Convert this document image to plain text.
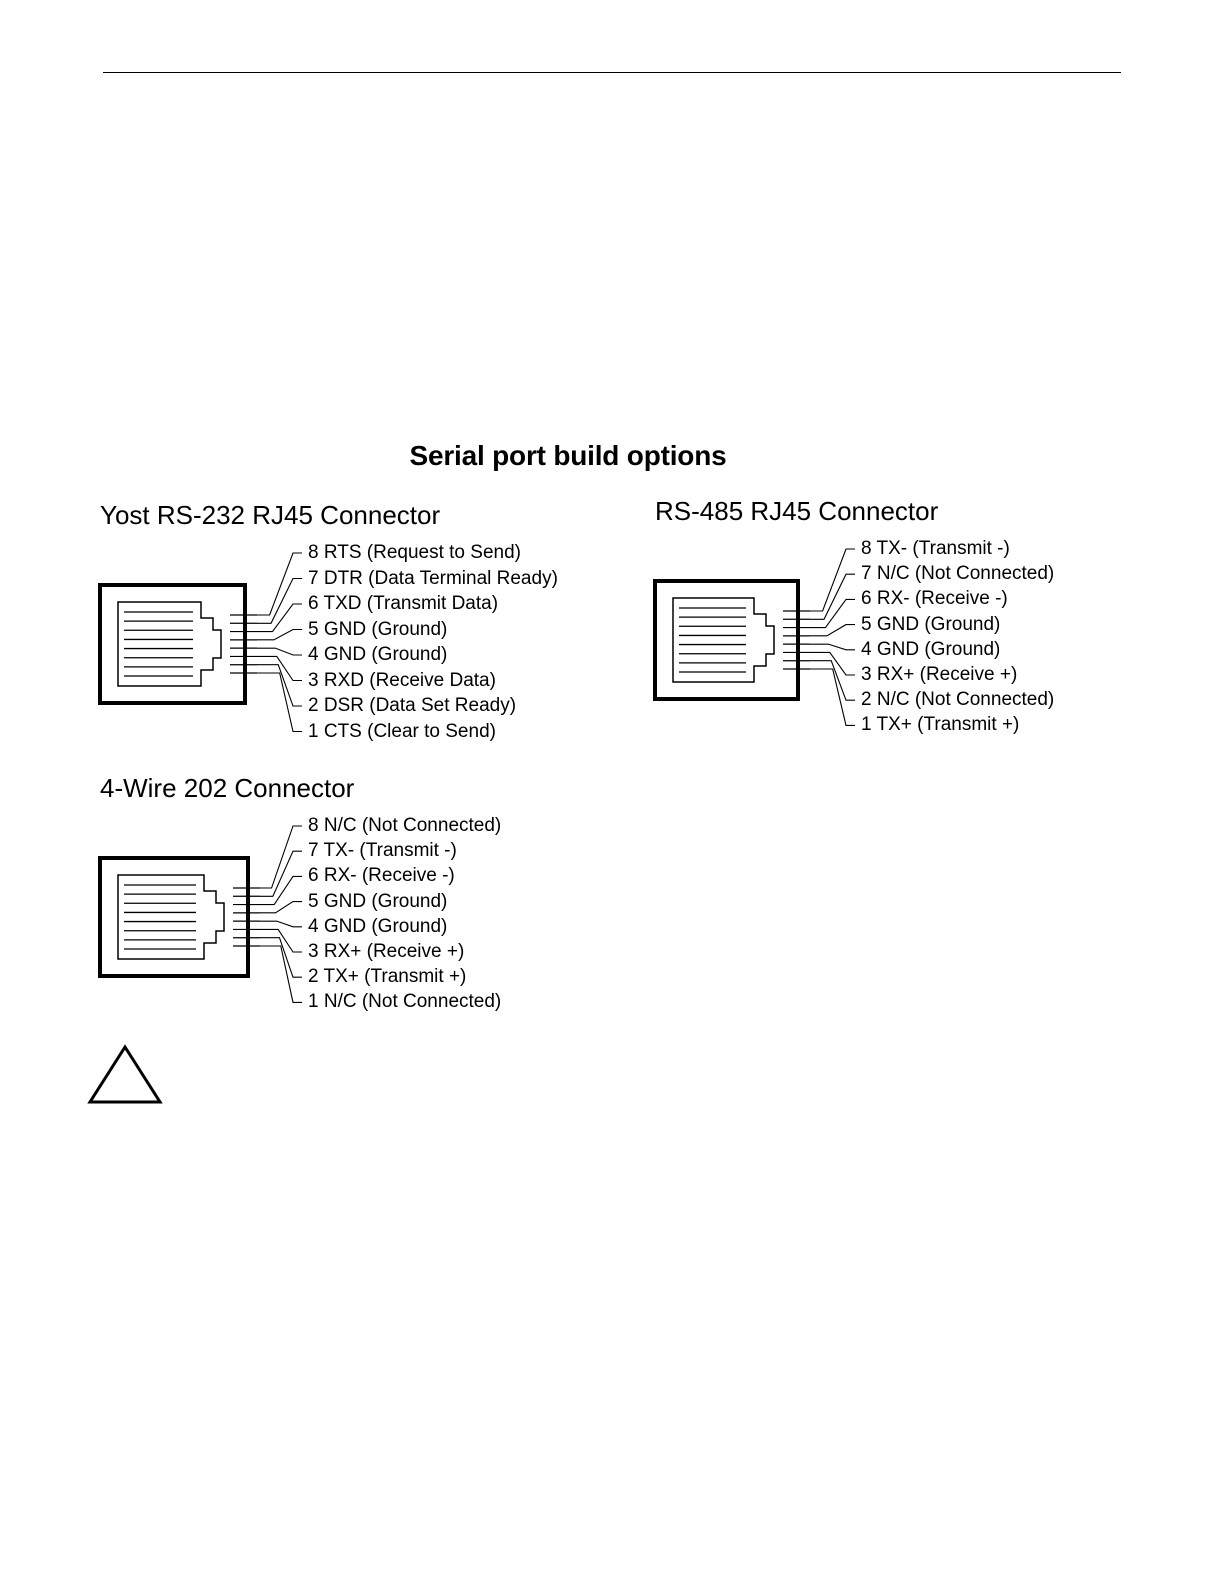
Serial port build options
Yost RS-232 RJ45 Connector
8 RTS (Request to Send)
7 DTR (Data Terminal Ready)
6 TXD (Transmit Data)
5 GND (Ground)
4 GND (Ground)
3 RXD (Receive Data)
2 DSR (Data Set Ready)
1 CTS (Clear to Send)
RS-485 RJ45 Connector
8 TX- (Transmit -)
7 N/C (Not Connected)
6 RX- (Receive -)
5 GND (Ground)
4 GND (Ground)
3 RX+ (Receive +)
2 N/C (Not Connected)
1 TX+ (Transmit +)
4-Wire 202 Connector
8 N/C (Not Connected)
7 TX- (Transmit -)
6 RX- (Receive -)
5 GND (Ground)
4 GND (Ground)
3 RX+ (Receive +)
2 TX+ (Transmit +)
1 N/C (Not Connected)
